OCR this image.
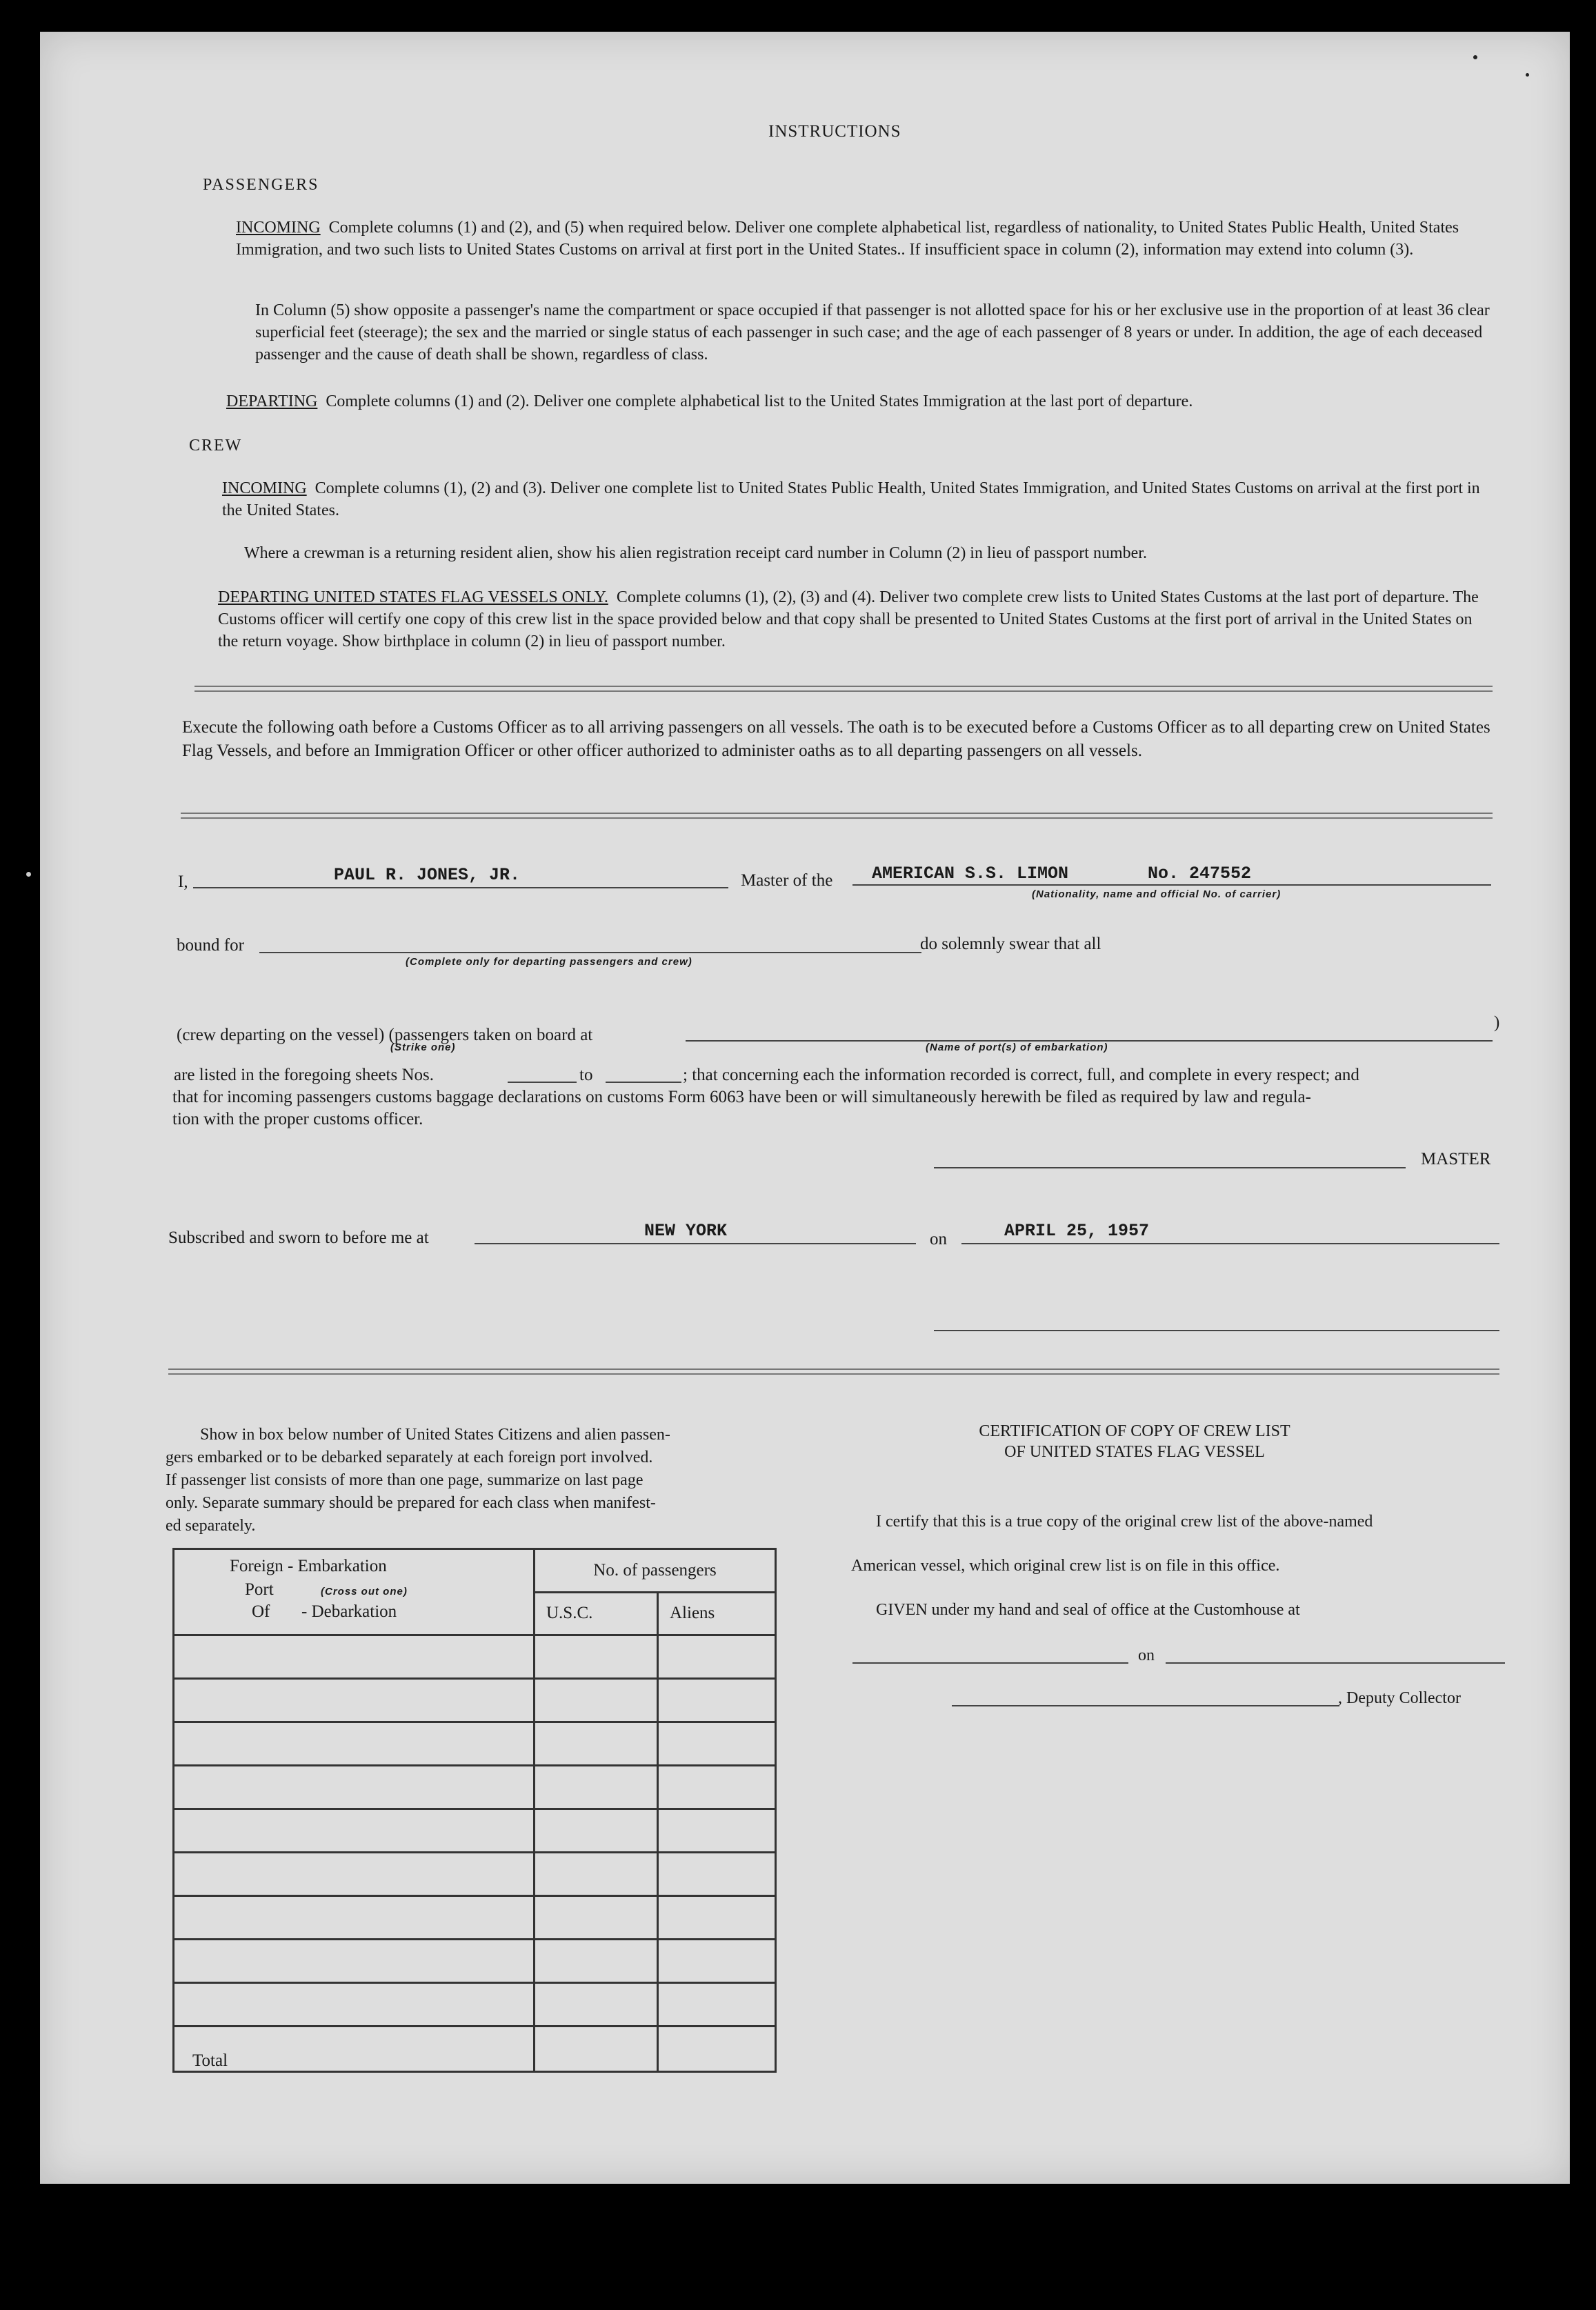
INSTRUCTIONS
PASSENGERS
INCOMING Complete columns (1) and (2), and (5) when required below. Deliver one complete alphabetical list, regardless of nationality, to United States Public Health, United States Immigration, and two such lists to United States Customs on arrival at first port in the United States.. If insufficient space in column (2), information may extend into column (3).
In Column (5) show opposite a passenger's name the compartment or space occupied if that passenger is not allotted space for his or her exclusive use in the proportion of at least 36 clear superficial feet (steerage); the sex and the married or single status of each passenger in such case; and the age of each passenger of 8 years or under. In addition, the age of each deceased passenger and the cause of death shall be shown, regardless of class.
DEPARTING Complete columns (1) and (2). Deliver one complete alphabetical list to the United States Immigration at the last port of departure.
CREW
INCOMING Complete columns (1), (2) and (3). Deliver one complete list to United States Public Health, United States Immigration, and United States Customs on arrival at the first port in the United States.
Where a crewman is a returning resident alien, show his alien registration receipt card number in Column (2) in lieu of passport number.
DEPARTING UNITED STATES FLAG VESSELS ONLY. Complete columns (1), (2), (3) and (4). Deliver two complete crew lists to United States Customs at the last port of departure. The Customs officer will certify one copy of this crew list in the space provided below and that copy shall be presented to United States Customs at the first port of arrival in the United States on the return voyage. Show birthplace in column (2) in lieu of passport number.
Execute the following oath before a Customs Officer as to all arriving passengers on all vessels. The oath is to be executed before a Customs Officer as to all departing crew on United States Flag Vessels, and before an Immigration Officer or other officer authorized to administer oaths as to all departing passengers on all vessels.
I,	PAUL R. JONES, JR.	Master of the AMERICAN S.S. LIMON	No. 247552
(Nationality, name and official No. of carrier)
bound for
(Complete only for departing passengers and crew)
do solemnly swear that all
(crew departing on the vessel) (passengers taken on board at
)
(Strike one)	(Name of port(s) of embarkation)
are listed in the foregoing sheets Nos.	to	; that concerning each the information recorded is correct, full, and complete in every respect; and
that for incoming passengers customs baggage declarations on customs Form 6063 have been or will simultaneously herewith be filed as required by law and regula-
tion with the proper customs officer.
MASTER
Subscribed and sworn to before me at	NEW YORK	on	APRIL 25, 1957
Show in box below number of United States Citizens and alien passen-
gers embarked or to be debarked separately at each foreign port involved.
If passenger list consists of more than one page, summarize on last page
only. Separate summary should be prepared for each class when manifest-
ed separately.
Foreign - Embarkation
Port (Cross out one)
Of - Debarkation	No. of passengers	
	U.S.C.	Aliens

Total		
CERTIFICATION OF COPY OF CREW LIST
OF UNITED STATES FLAG VESSEL
I certify that this is a true copy of the original crew list of the above-named
American vessel, which original crew list is on file in this office.
GIVEN under my hand and seal of office at the Customhouse at
on
, Deputy Collector
